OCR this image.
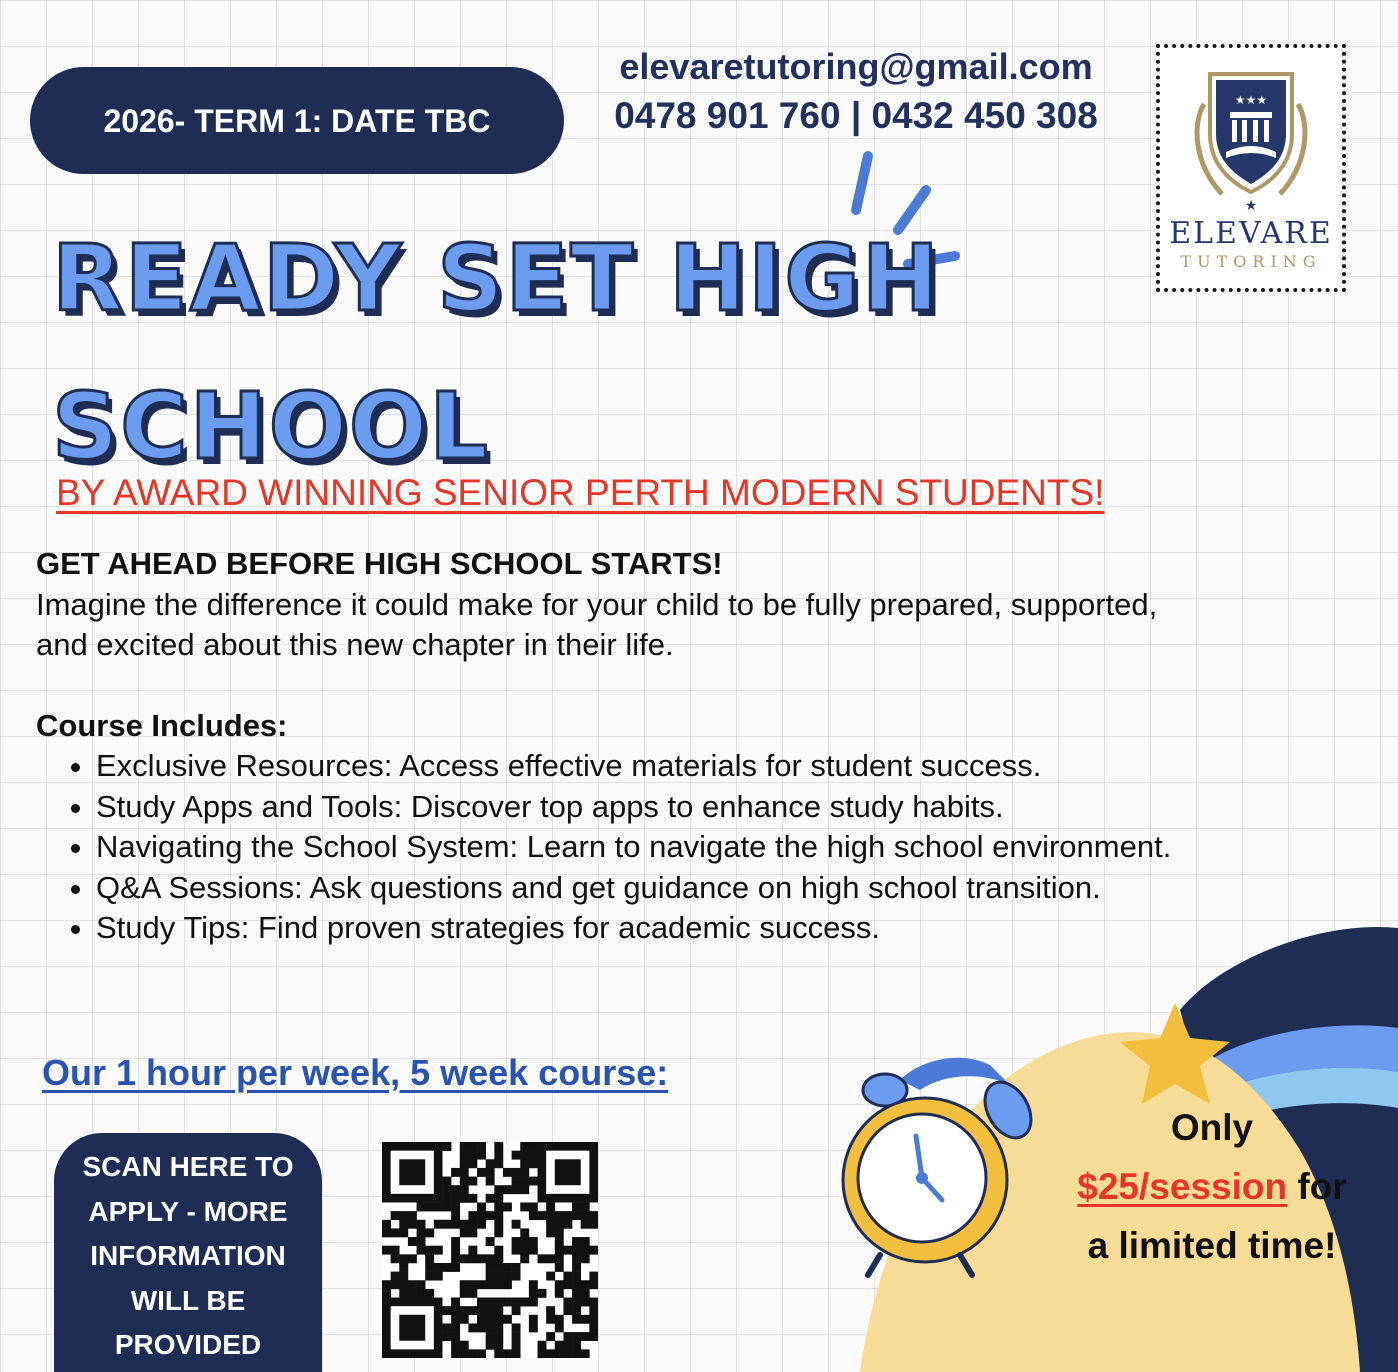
2026- TERM 1: DATE TBC
elevaretutoring@gmail.com
0478 901 760 | 0432 450 308	★★★
★
ELEVARE
TUTORING
READY SET HIGH
SCHOOL
BY AWARD WINNING SENIOR PERTH MODERN STUDENTS!
GET AHEAD BEFORE HIGH SCHOOL STARTS!
Imagine the difference it could make for your child to be fully prepared, supported, and excited about this new chapter in their life.
Course Includes:
• Exclusive Resources: Access effective materials for student success.
• Study Apps and Tools: Discover top apps to enhance study habits.
• Navigating the School System: Learn to navigate the high school environment.
• Q&A Sessions: Ask questions and get guidance on high school transition.
• Study Tips: Find proven strategies for academic success.
Our 1 hour per week, 5 week course:
SCAN HERE TO APPLY - MORE INFORMATION WILL BE PROVIDED
Only
$25/session for
a limited time!
